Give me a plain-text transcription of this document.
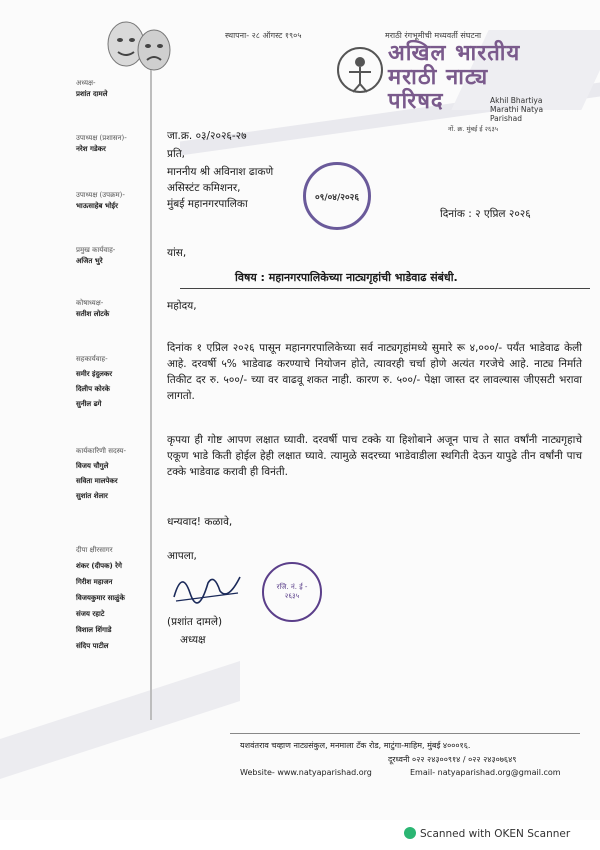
स्थापना- २८ ऑगस्ट १९०५	मराठी रंगभूमीची मध्यवर्ती संघटना
अखिल भारतीय
मराठी नाट्य
परिषद	Akhil Bhartiya
Marathi Natya
Parishad
नों. क्र. मुंबई ई २६३५
अध्यक्ष-
प्रशांत दामले
उपाध्यक्ष (प्रशासन)-
नरेश गडेकर
उपाध्यक्ष (उपक्रम)-
भाऊसाहेब भोईर
प्रमुख कार्यवाह-
अजित भुरे
कोषाध्यक्ष-
सतीश लोटके
सहकार्यवाह-
समीर इंदुलकर
दिलीप कोरके
सुनील ढगे
कार्यकारिणी सदस्य-
विजय चौगुले
सविता मालपेकर
सुशांत शेलार
दीपा क्षीरसागर
शंकर (दीपक) रेगे
गिरीश महाजन
विजयकुमार साळुंके
संजय रहाटे
विशाल शिंगाडे
संदिप पाटील
जा.क्र. ०३/२०२६-२७
प्रति,
माननीय श्री अविनाश ढाकणे
असिस्टंट कमिशनर,
मुंबई महानगरपालिका
०९/०४/२०२६
दिनांक : २ एप्रिल २०२६
यांस,
विषय : महानगरपालिकेच्या नाट्यगृहांची भाडेवाढ संबंधी.
महोदय,
दिनांक १ एप्रिल २०२६ पासून महानगरपालिकेच्या सर्व नाट्यगृहांमध्ये सुमारे रू ४,०००/- पर्यंत भाडेवाढ केली आहे. दरवर्षी ५% भाडेवाढ करण्याचे नियोजन होते, त्यावरही चर्चा होणे अत्यंत गरजेचे आहे. नाट्य निर्माते तिकीट दर रु. ५००/- च्या वर वाढवू शकत नाही. कारण रु. ५००/- पेक्षा जास्त दर लावल्यास जीएसटी भरावा लागतो.
कृपया ही गोष्ट आपण लक्षात घ्यावी. दरवर्षी पाच टक्के या हिशोबाने अजून पाच ते सात वर्षांनी नाट्यगृहाचे एकूण भाडे किती होईल हेही लक्षात घ्यावे. त्यामुळे सदरच्या भाडेवाडीला स्थगिती देऊन यापुढे तीन वर्षांनी पाच टक्के भाडेवाढ करावी ही विनंती.
धन्यवाद! कळावे,
आपला,
रजि. नं. ई - २६३५
(प्रशांत दामले)
अध्यक्ष
यशवंतराव चव्हाण नाट्यसंकुल, मनमाला टँक रोड, माटुंगा-माहिम, मुंबई ४०००१६.
दूरध्वनी ०२२ २४३००९१४ / ०२२ २४३०७६४९
Website- www.natyaparishad.org	Email- natyaparishad.org@gmail.com
Scanned with OKEN Scanner
